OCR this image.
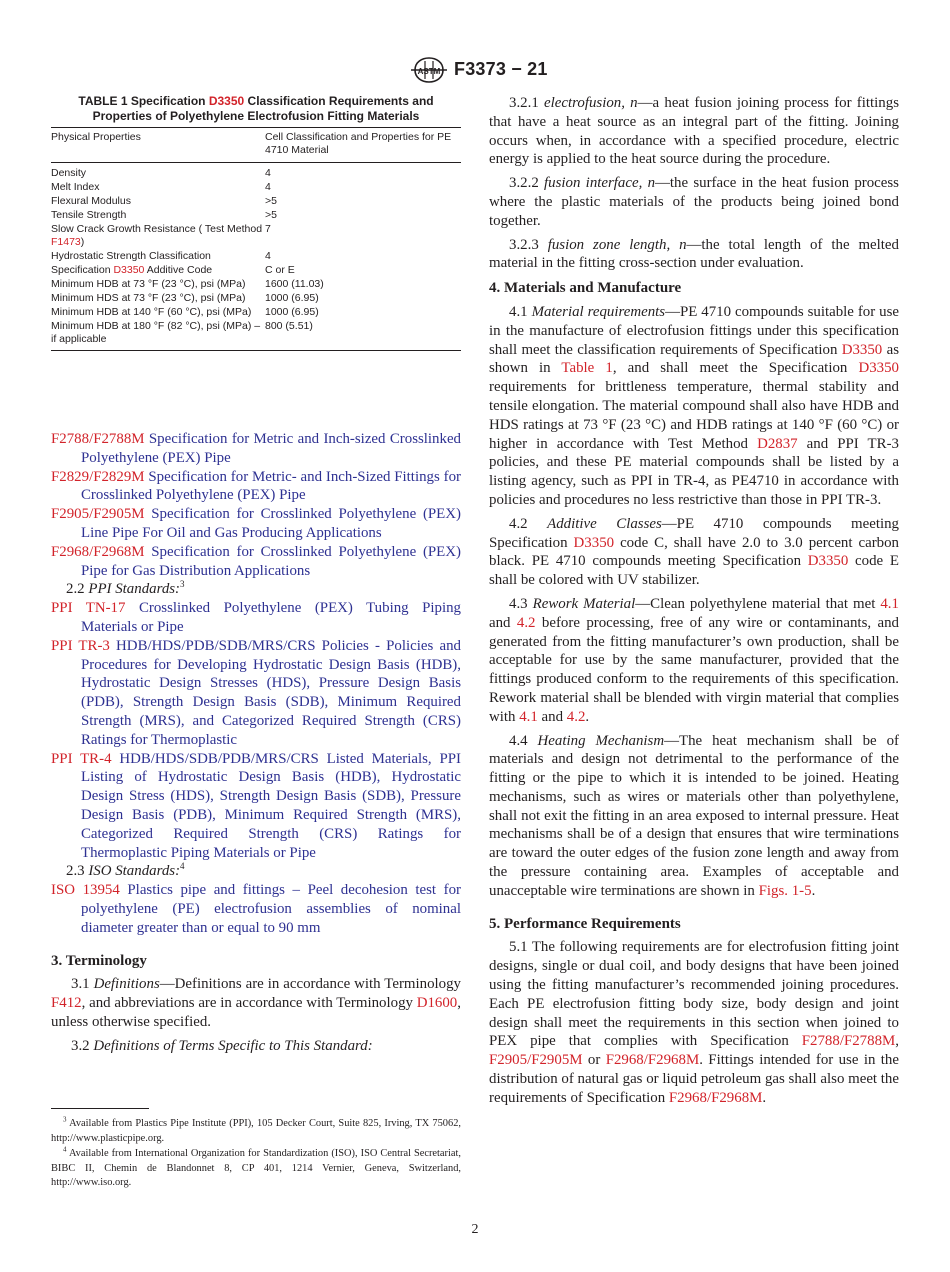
ASTM F3373 − 21
TABLE 1 Specification D3350 Classification Requirements and Properties of Polyethylene Electrofusion Fitting Materials
Physical Properties	Cell Classification and Properties for PE 4710 Material
Density	4
Melt Index	4
Flexural Modulus	>5
Tensile Strength	>5
Slow Crack Growth Resistance ( Test Method F1473)	7
Hydrostatic Strength Classification	4
Specification D3350 Additive Code	C or E
Minimum HDB at 73 °F (23 °C), psi (MPa)	1600 (11.03)
Minimum HDS at 73 °F (23 °C), psi (MPa)	1000 (6.95)
Minimum HDB at 140 °F (60 °C), psi (MPa)	1000 (6.95)
Minimum HDB at 180 °F (82 °C), psi (MPa) – if applicable	800 (5.51)

F2788/F2788M Specification for Metric and Inch-sized Crosslinked Polyethylene (PEX) Pipe

F2829/F2829M Specification for Metric- and Inch-Sized Fittings for Crosslinked Polyethylene (PEX) Pipe

F2905/F2905M Specification for Crosslinked Polyethylene (PEX) Line Pipe For Oil and Gas Producing Applications

F2968/F2968M Specification for Crosslinked Polyethylene (PEX) Pipe for Gas Distribution Applications

2.2 PPI Standards:$^3$

PPI TN-17 Crosslinked Polyethylene (PEX) Tubing Piping Materials or Pipe

PPI TR-3 HDB/HDS/PDB/SDB/MRS/CRS Policies - Policies and Procedures for Developing Hydrostatic Design Basis (HDB), Hydrostatic Design Stresses (HDS), Pressure Design Basis (PDB), Strength Design Basis (SDB), Minimum Required Strength (MRS), and Categorized Required Strength (CRS) Ratings for Thermoplastic

PPI TR-4 HDB/HDS/SDB/PDB/MRS/CRS Listed Materials, PPI Listing of Hydrostatic Design Basis (HDB), Hydrostatic Design Stress (HDS), Strength Design Basis (SDB), Pressure Design Basis (PDB), Minimum Required Strength (MRS), Categorized Required Strength (CRS) Ratings for Thermoplastic Piping Materials or Pipe

2.3 ISO Standards:$^4$

ISO 13954 Plastics pipe and fittings – Peel decohesion test for polyethylene (PE) electrofusion assemblies of nominal diameter greater than or equal to 90 mm

3. Terminology

3.1 Definitions—Definitions are in accordance with Terminology F412, and abbreviations are in accordance with Terminology D1600, unless otherwise specified.

3.2 Definitions of Terms Specific to This Standard:

$^3$ Available from Plastics Pipe Institute (PPI), 105 Decker Court, Suite 825, Irving, TX 75062, http://www.plasticpipe.org.

$^4$ Available from International Organization for Standardization (ISO), ISO Central Secretariat, BIBC II, Chemin de Blandonnet 8, CP 401, 1214 Vernier, Geneva, Switzerland, http://www.iso.org.

3.2.1 electrofusion, n—a heat fusion joining process for fittings that have a heat source as an integral part of the fitting. Joining occurs when, in accordance with a specified procedure, electric energy is applied to the heat source during the procedure.

3.2.2 fusion interface, n—the surface in the heat fusion process where the plastic materials of the products being joined bond together.

3.2.3 fusion zone length, n—the total length of the melted material in the fitting cross-section under evaluation.

4. Materials and Manufacture

4.1 Material requirements—PE 4710 compounds suitable for use in the manufacture of electrofusion fittings under this specification shall meet the classification requirements of Specification D3350 as shown in Table 1, and shall meet the Specification D3350 requirements for brittleness temperature, thermal stability and tensile elongation. The material compound shall also have HDB and HDS ratings at 73 °F (23 °C) and HDB ratings at 140 °F (60 °C) or higher in accordance with Test Method D2837 and PPI TR-3 policies, and these PE material compounds shall be listed by a listing agency, such as PPI in TR-4, as PE4710 in accordance with policies and procedures no less restrictive than those in PPI TR-3.

4.2 Additive Classes—PE 4710 compounds meeting Specification D3350 code C, shall have 2.0 to 3.0 percent carbon black. PE 4710 compounds meeting Specification D3350 code E shall be colored with UV stabilizer.

4.3 Rework Material—Clean polyethylene material that met 4.1 and 4.2 before processing, free of any wire or contaminants, and generated from the fitting manufacturer’s own production, shall be acceptable for use by the same manufacturer, provided that the fittings produced conform to the requirements of this specification. Rework material shall be blended with virgin material that complies with 4.1 and 4.2.

4.4 Heating Mechanism—The heat mechanism shall be of materials and design not detrimental to the performance of the fitting or the pipe to which it is intended to be joined. Heating mechanisms, such as wires or materials other than polyethylene, shall not exit the fitting in an area exposed to internal pressure. Heat mechanisms shall be of a design that ensures that wire terminations are toward the outer edges of the fusion zone length and away from the pressure containing area. Examples of acceptable and unacceptable wire terminations are shown in Figs. 1-5.

5. Performance Requirements

5.1 The following requirements are for electrofusion fitting joint designs, single or dual coil, and body designs that have been joined using the fitting manufacturer’s recommended joining procedures. Each PE electrofusion fitting body size, body design and joint design shall meet the requirements in this section when joined to PEX pipe that complies with Specification F2788/F2788M, F2905/F2905M or F2968/F2968M. Fittings intended for use in the distribution of natural gas or liquid petroleum gas shall also meet the requirements of Specification F2968/F2968M.

2
